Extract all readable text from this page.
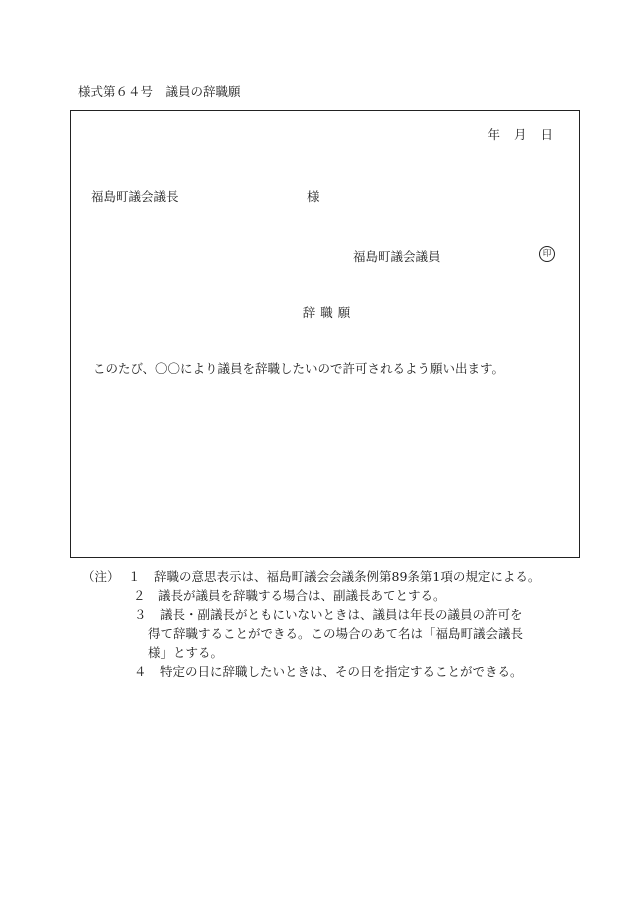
様式第６４号　議員の辞職願
年 月 日
福島町議会議長	様
福島町議会議員	印
辞職願
このたび、〇〇により議員を辞職したいので許可されるよう願い出ます。
（注） １	辞職の意思表示は、福島町議会会議条例第89条第1項の規定による。
２ 議長が議員を辞職する場合は、副議長あてとする。
３	議長・副議長がともにいないときは、議員は年長の議員の許可を
得て辞職することができる。この場合のあて名は「福島町議会議長
様」とする。
４	特定の日に辞職したいときは、その日を指定することができる。
